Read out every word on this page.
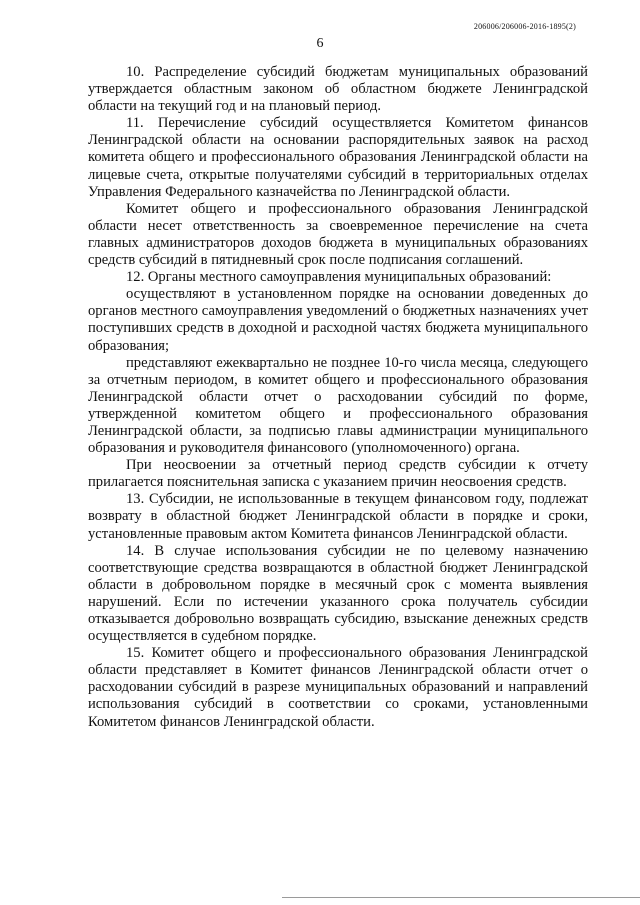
206006/206006-2016-1895(2)
6

10. Распределение субсидий бюджетам муниципальных образований утверждается областным законом об областном бюджете Ленинградской области на текущий год и на плановый период.

11. Перечисление субсидий осуществляется Комитетом финансов Ленинградской области на основании распорядительных заявок на расход комитета общего и профессионального образования Ленинградской области на лицевые счета, открытые получателями субсидий в территориальных отделах Управления Федерального казначейства по Ленинградской области.

Комитет общего и профессионального образования Ленинградской области несет ответственность за своевременное перечисление на счета главных администраторов доходов бюджета в муниципальных образованиях средств субсидий в пятидневный срок после подписания соглашений.

12. Органы местного самоуправления муниципальных образований:

осуществляют в установленном порядке на основании доведенных до органов местного самоуправления уведомлений о бюджетных назначениях учет поступивших средств в доходной и расходной частях бюджета муниципального образования;

представляют ежеквартально не позднее 10-го числа месяца, следующего за отчетным периодом, в комитет общего и профессионального образования Ленинградской области отчет о расходовании субсидий по форме, утвержденной комитетом общего и профессионального образования Ленинградской области, за подписью главы администрации муниципального образования и руководителя финансового (уполномоченного) органа.

При неосвоении за отчетный период средств субсидии к отчету прилагается пояснительная записка с указанием причин неосвоения средств.

13. Субсидии, не использованные в текущем финансовом году, подлежат возврату в областной бюджет Ленинградской области в порядке и сроки, установленные правовым актом Комитета финансов Ленинградской области.

14. В случае использования субсидии не по целевому назначению соответствующие средства возвращаются в областной бюджет Ленинградской области в добровольном порядке в месячный срок с момента выявления нарушений. Если по истечении указанного срока получатель субсидии отказывается добровольно возвращать субсидию, взыскание денежных средств осуществляется в судебном порядке.

15. Комитет общего и профессионального образования Ленинградской области представляет в Комитет финансов Ленинградской области отчет о расходовании субсидий в разрезе муниципальных образований и направлений использования субсидий в соответствии со сроками, установленными Комитетом финансов Ленинградской области.
